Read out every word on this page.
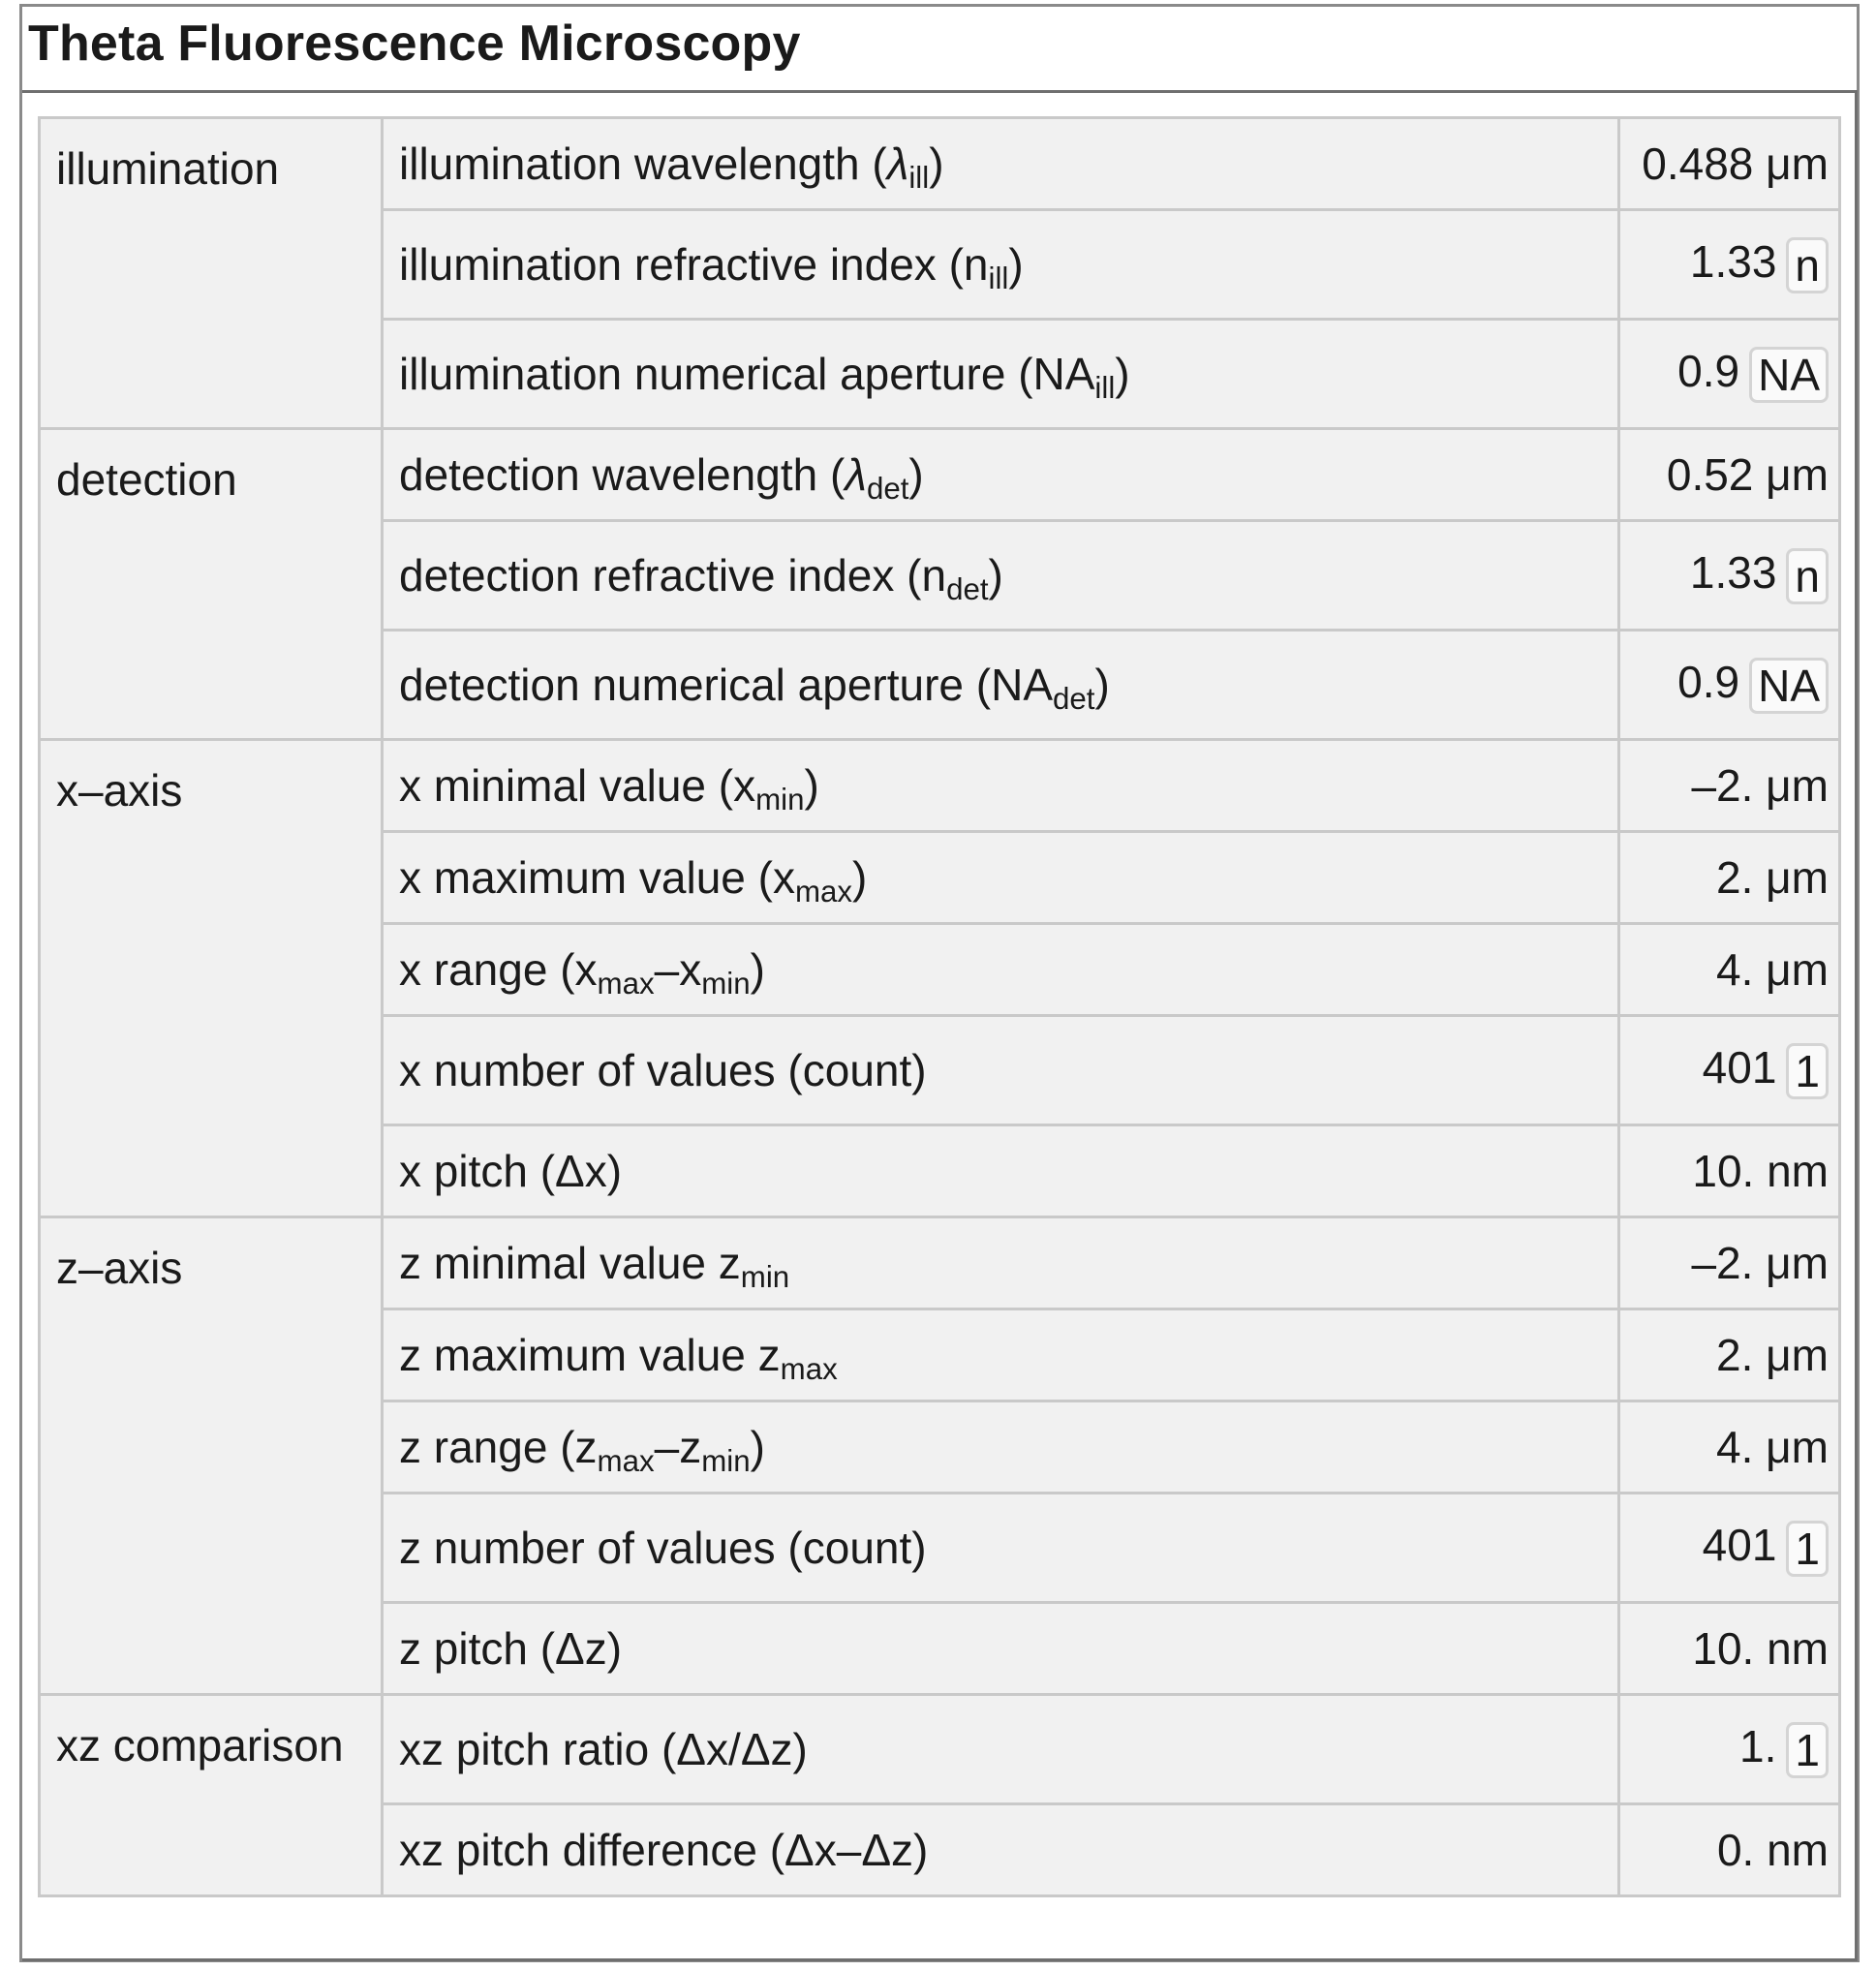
Theta Fluorescence Microscopy
illumination	illumination wavelength $(\lambda_{ill})$	0.488 μm
	illumination refractive index $(n_{ill})$	1.33 n
	illumination numerical aperture $(NA_{ill})$	0.9 NA
detection	detection wavelength $(\lambda_{det})$	0.52 μm
	detection refractive index $(n_{det})$	1.33 n
	detection numerical aperture $(NA_{det})$	0.9 NA
x–axis	x minimal value $(x_{min})$	–2. μm
	x maximum value $(x_{max})$	2. μm
	x range $(x_{max}-x_{min})$	4. μm
	x number of values (count)	401 1
	x pitch (Δx)	10. nm
z–axis	z minimal value $z_{min}$	–2. μm
	z maximum value $z_{max}$	2. μm
	z range $(z_{max}-z_{min})$	4. μm
	z number of values (count)	401 1
	z pitch (Δz)	10. nm
xz comparison	xz pitch ratio (Δx/Δz)	1. 1
	xz pitch difference (Δx–Δz)	0. nm
